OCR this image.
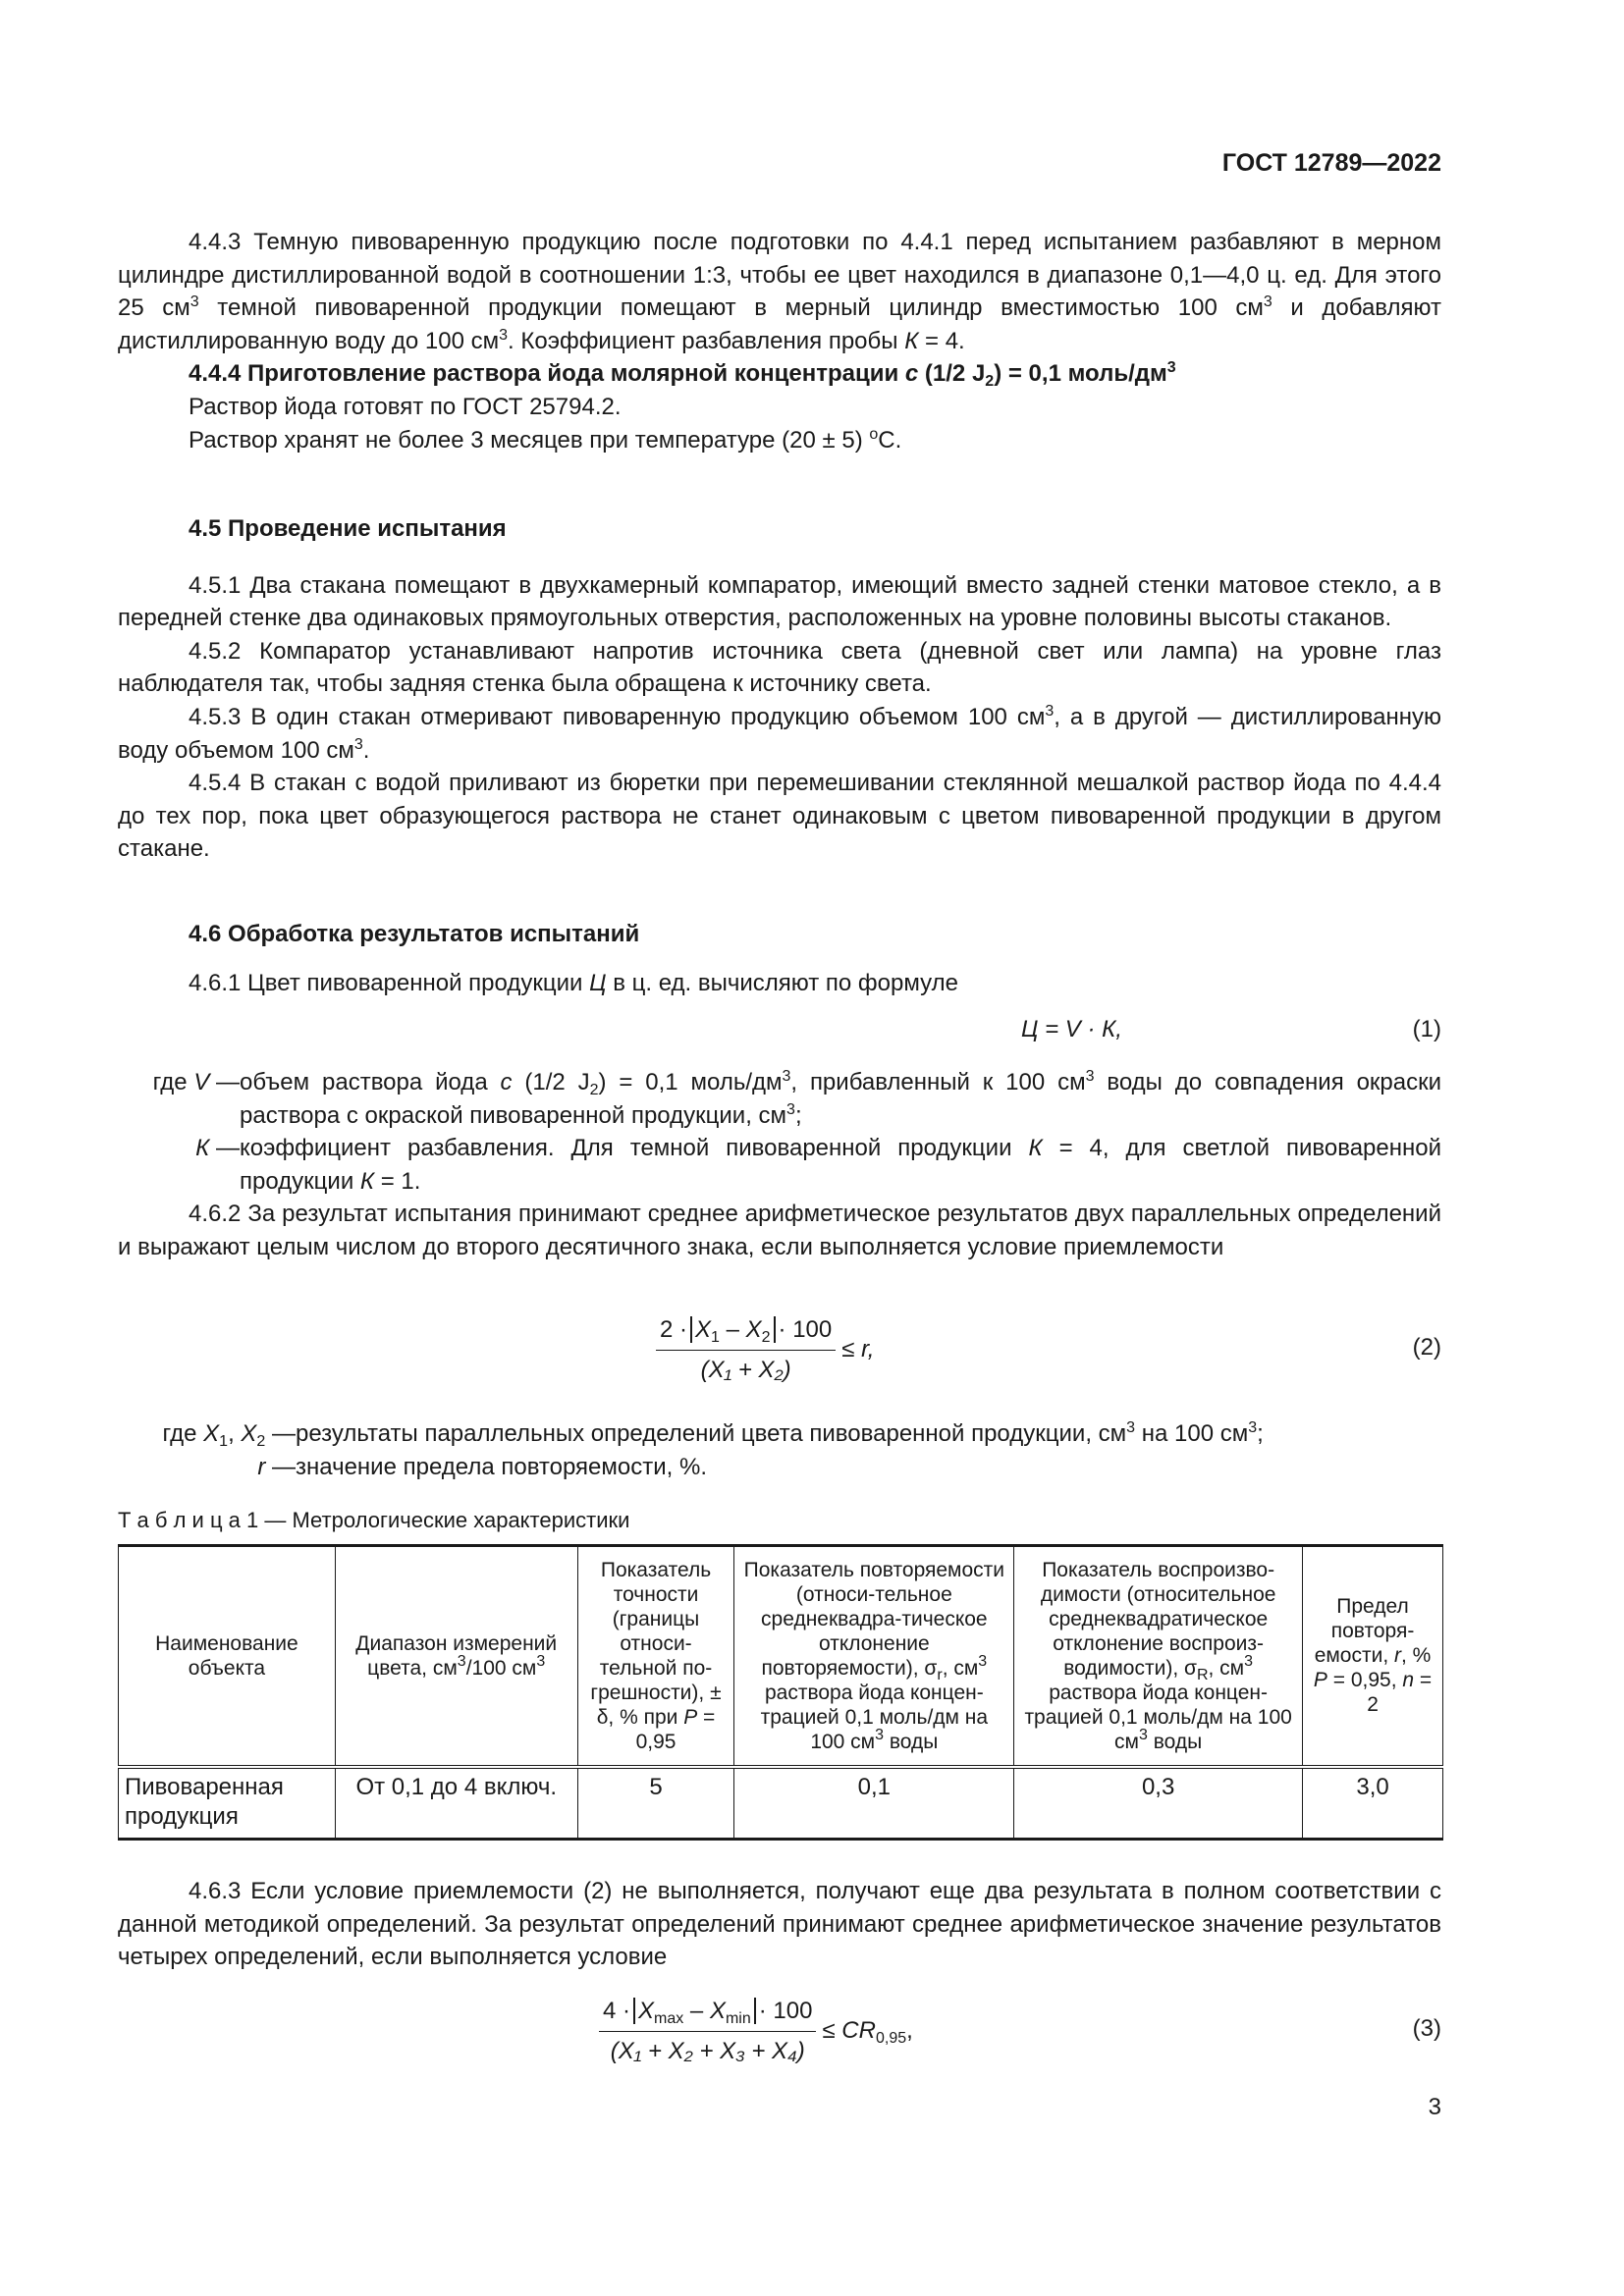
ГОСТ 12789—2022

4.4.3 Темную пивоваренную продукцию после подготовки по 4.4.1 перед испытанием разбавляют в мерном цилиндре дистиллированной водой в соотношении 1:3, чтобы ее цвет находился в диапазоне 0,1—4,0 ц. ед. Для этого 25 $см^3$ темной пивоваренной продукции помещают в мерный цилиндр вместимостью 100 $см^3$ и добавляют дистиллированную воду до 100 $см^3$. Коэффициент разбавления пробы К = 4.

4.4.4 Приготовление раствора йода молярной концентрации c (1/2 $J_2) = 0,1$ моль/$дм^3$

Раствор йода готовят по ГОСТ 25794.2.

Раствор хранят не более 3 месяцев при температуре (20 ± 5) $^о$С.

4.5 Проведение испытания

4.5.1 Два стакана помещают в двухкамерный компаратор, имеющий вместо задней стенки матовое стекло, а в передней стенке два одинаковых прямоугольных отверстия, расположенных на уровне половины высоты стаканов.

4.5.2 Компаратор устанавливают напротив источника света (дневной свет или лампа) на уровне глаз наблюдателя так, чтобы задняя стенка была обращена к источнику света.

4.5.3 В один стакан отмеривают пивоваренную продукцию объемом 100 $см^3$, а в другой — дистиллированную воду объемом 100 $см^3$.

4.5.4 В стакан с водой приливают из бюретки при перемешивании стеклянной мешалкой раствор йода по 4.4.4 до тех пор, пока цвет образующегося раствора не станет одинаковым с цветом пивоваренной продукции в другом стакане.

4.6 Обработка результатов испытаний

4.6.1 Цвет пивоваренной продукции Ц в ц. ед. вычисляют по формуле

Ц = V · К,	(1)
где V — объем раствора йода c (1/2 $J_2) = 0,1$ моль/$дм^3$, прибавленный к 100 $см^3$ воды до совпадения окраски раствора с окраской пивоваренной продукции, $см^3$;
К — коэффициент разбавления. Для темной пивоваренной продукции К = 4, для светлой пивоваренной продукции К = 1.

4.6.2 За результат испытания принимают среднее арифметическое результатов двух параллельных определений и выражают целым числом до второго десятичного знака, если выполняется условие приемлемости

$\frac{2 \cdot X_1 - X_2 \cdot 100}{\text{(X₁ + X₂)}} \le r$,	(2)
где $X_1$, $X_2$ — результаты параллельных определений цвета пивоваренной продукции, $см^3$ на 100 $см^3$;
r — значение предела повторяемости, %.
Т а б л и ц а 1 — Метрологические характеристики
Наименование объекта	Диапазон измерений цвета, $см^3/100$ $см^3$	Показатель точности (границы относи-тельной по-грешности), ± δ, % при P = 0,95	Показатель повторяемости (относи-тельное среднеквадра-тическое отклонение повторяемости), $\sigma_r$, $см^3$ раствора йода концен-трацией 0,1 моль/дм на 100 $см^3$ воды	Показатель воспроизво-димости (относительное среднеквадратическое отклонение воспроиз-водимости), $\sigma_R$, $см^3$ раствора йода концен-трацией 0,1 моль/дм на 100 $см^3$ воды	Предел повторя-емости, r, % P = 0,95, n = 2
Пивоваренная продукция	От 0,1 до 4 включ.	5	0,1	0,3	3,0

4.6.3 Если условие приемлемости (2) не выполняется, получают еще два результата в полном соответствии с данной методикой определений. За результат определений принимают среднее арифметическое значение результатов четырех определений, если выполняется условие

$\frac{4 \cdot X_{max} - X_{min} \cdot 100}{\text{(X₁ + X₂ + X₃ + X₄)}} \le CR_{0,95}$,	(3)
3
